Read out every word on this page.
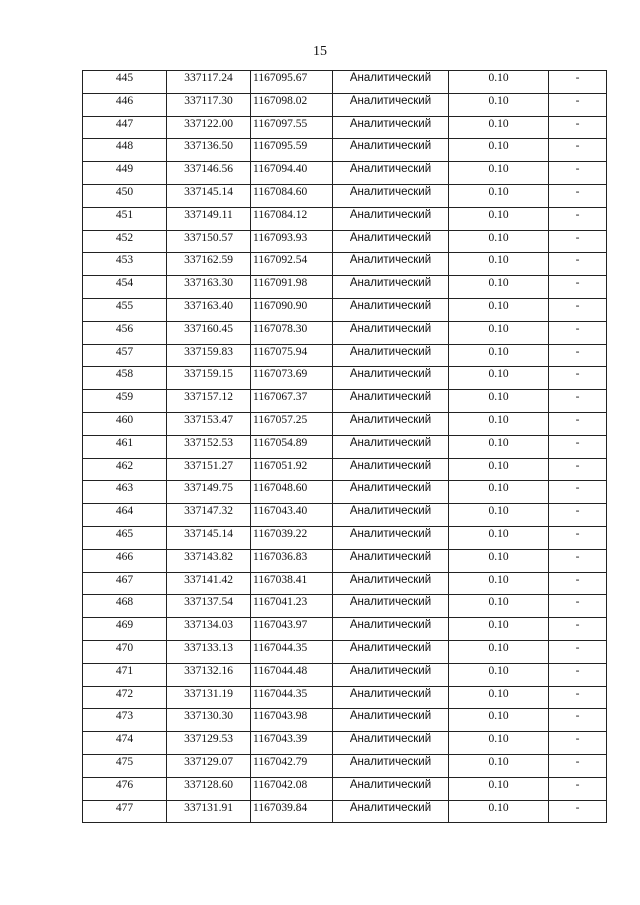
15
445	337117.24	1167095.67	Аналитический	0.10	-
446	337117.30	1167098.02	Аналитический	0.10	-
447	337122.00	1167097.55	Аналитический	0.10	-
448	337136.50	1167095.59	Аналитический	0.10	-
449	337146.56	1167094.40	Аналитический	0.10	-
450	337145.14	1167084.60	Аналитический	0.10	-
451	337149.11	1167084.12	Аналитический	0.10	-
452	337150.57	1167093.93	Аналитический	0.10	-
453	337162.59	1167092.54	Аналитический	0.10	-
454	337163.30	1167091.98	Аналитический	0.10	-
455	337163.40	1167090.90	Аналитический	0.10	-
456	337160.45	1167078.30	Аналитический	0.10	-
457	337159.83	1167075.94	Аналитический	0.10	-
458	337159.15	1167073.69	Аналитический	0.10	-
459	337157.12	1167067.37	Аналитический	0.10	-
460	337153.47	1167057.25	Аналитический	0.10	-
461	337152.53	1167054.89	Аналитический	0.10	-
462	337151.27	1167051.92	Аналитический	0.10	-
463	337149.75	1167048.60	Аналитический	0.10	-
464	337147.32	1167043.40	Аналитический	0.10	-
465	337145.14	1167039.22	Аналитический	0.10	-
466	337143.82	1167036.83	Аналитический	0.10	-
467	337141.42	1167038.41	Аналитический	0.10	-
468	337137.54	1167041.23	Аналитический	0.10	-
469	337134.03	1167043.97	Аналитический	0.10	-
470	337133.13	1167044.35	Аналитический	0.10	-
471	337132.16	1167044.48	Аналитический	0.10	-
472	337131.19	1167044.35	Аналитический	0.10	-
473	337130.30	1167043.98	Аналитический	0.10	-
474	337129.53	1167043.39	Аналитический	0.10	-
475	337129.07	1167042.79	Аналитический	0.10	-
476	337128.60	1167042.08	Аналитический	0.10	-
477	337131.91	1167039.84	Аналитический	0.10	-
